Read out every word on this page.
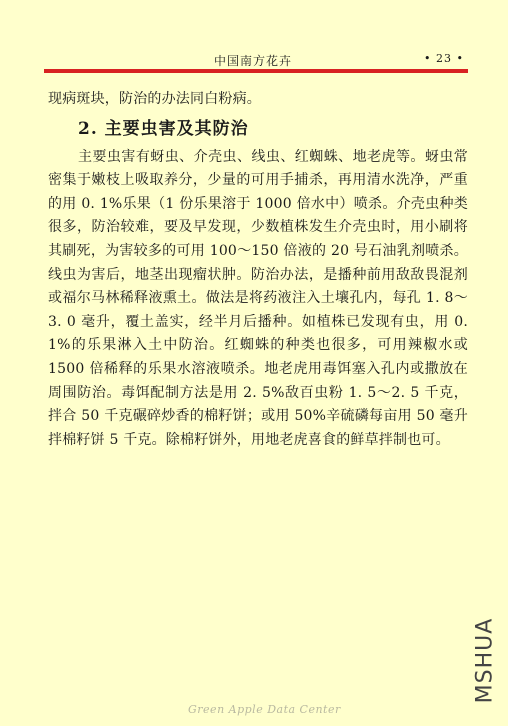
中国南方花卉	• 23 •

现病斑块，防治的办法同白粉病。

2. 主要虫害及其防治

主要虫害有蚜虫、介壳虫、线虫、红蜘蛛、地老虎等。蚜虫常密集于嫩枝上吸取养分，少量的可用手捕杀，再用清水洗净，严重的用 0. 1%乐果（1 份乐果溶于 1000 倍水中）喷杀。介壳虫种类很多，防治较难，要及早发现，少数植株发生介壳虫时，用小刷将其刷死，为害较多的可用 100～150 倍液的 20 号石油乳剂喷杀。线虫为害后，地茎出现瘤状肿。防治办法，是播种前用敌敌畏混剂或福尔马林稀释液熏土。做法是将药液注入土壤孔内，每孔 1. 8～3. 0 毫升，覆土盖实，经半月后播种。如植株已发现有虫，用 0. 1%的乐果淋入土中防治。红蜘蛛的种类也很多，可用辣椒水或 1500 倍稀释的乐果水溶液喷杀。地老虎用毒饵塞入孔内或撒放在周围防治。毒饵配制方法是用 2. 5%敌百虫粉 1. 5～2. 5 千克，拌合 50 千克碾碎炒香的棉籽饼；或用 50%辛硫磷每亩用 50 毫升拌棉籽饼 5 千克。除棉籽饼外，用地老虎喜食的鲜草拌制也可。

MSHUA
Green Apple Data Center
